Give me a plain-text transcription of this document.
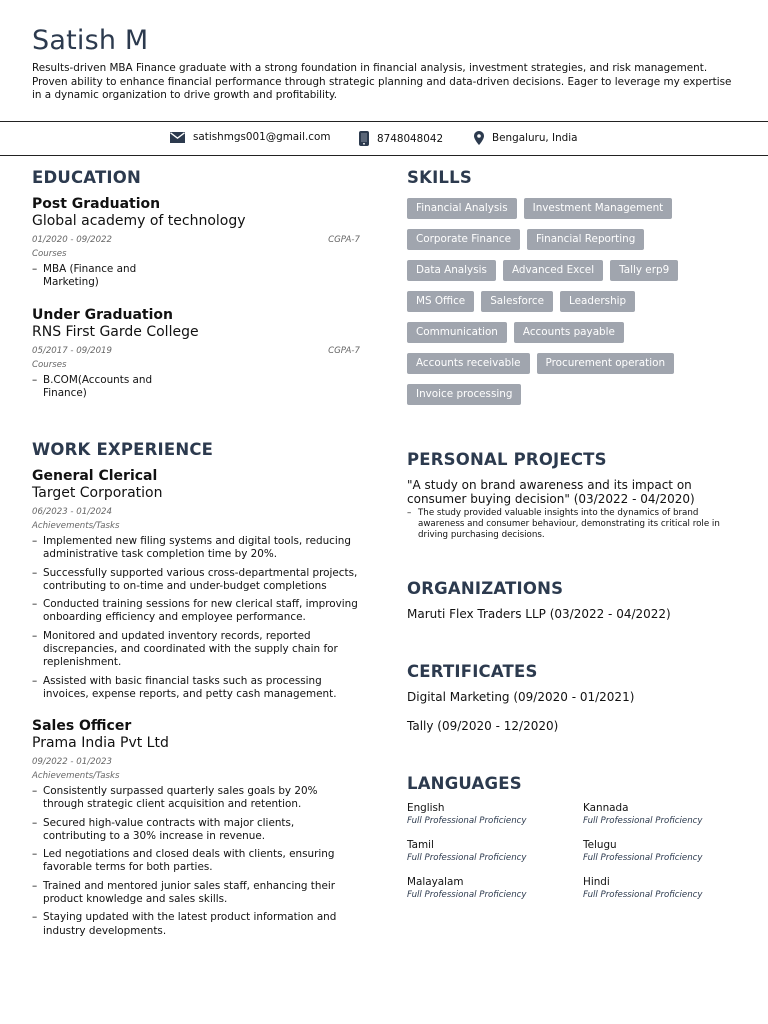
Satish M

Results-driven MBA Finance graduate with a strong foundation in financial analysis, investment strategies, and risk management. Proven ability to enhance financial performance through strategic planning and data-driven decisions. Eager to leverage my expertise in a dynamic organization to drive growth and profitability.

satishmgs001@gmail.com	8748048042	Bengaluru, India
EDUCATION
Post Graduation
Global academy of technology
01/2020 - 09/2022	CGPA-7
Courses
– MBA (Finance and Marketing)
Under Graduation
RNS First Garde College
05/2017 - 09/2019	CGPA-7
Courses
– B.COM(Accounts and Finance)
WORK EXPERIENCE
General Clerical
Target Corporation
06/2023 - 01/2024
Achievements/Tasks
– Implemented new filing systems and digital tools, reducing administrative task completion time by 20%.
– Successfully supported various cross-departmental projects, contributing to on-time and under-budget completions
– Conducted training sessions for new clerical staff, improving onboarding efficiency and employee performance.
– Monitored and updated inventory records, reported discrepancies, and coordinated with the supply chain for replenishment.
– Assisted with basic financial tasks such as processing invoices, expense reports, and petty cash management.
Sales Officer
Prama India Pvt Ltd
09/2022 - 01/2023
Achievements/Tasks
– Consistently surpassed quarterly sales goals by 20% through strategic client acquisition and retention.
– Secured high-value contracts with major clients, contributing to a 30% increase in revenue.
– Led negotiations and closed deals with clients, ensuring favorable terms for both parties.
– Trained and mentored junior sales staff, enhancing their product knowledge and sales skills.
– Staying updated with the latest product information and industry developments.
SKILLS
Financial Analysis	Investment Management
Corporate Finance	Financial Reporting
Data Analysis	Advanced Excel	Tally erp9
MS Office	Salesforce	Leadership
Communication	Accounts payable
Accounts receivable	Procurement operation
Invoice processing
PERSONAL PROJECTS
"A study on brand awareness and its impact on consumer buying decision" (03/2022 - 04/2020)
– The study provided valuable insights into the dynamics of brand awareness and consumer behaviour, demonstrating its critical role in driving purchasing decisions.
ORGANIZATIONS
Maruti Flex Traders LLP (03/2022 - 04/2022)
CERTIFICATES
Digital Marketing (09/2020 - 01/2021)
Tally (09/2020 - 12/2020)
LANGUAGES
English
Full Professional Proficiency
Kannada
Full Professional Proficiency
Tamil
Full Professional Proficiency
Telugu
Full Professional Proficiency
Malayalam
Full Professional Proficiency
Hindi
Full Professional Proficiency
